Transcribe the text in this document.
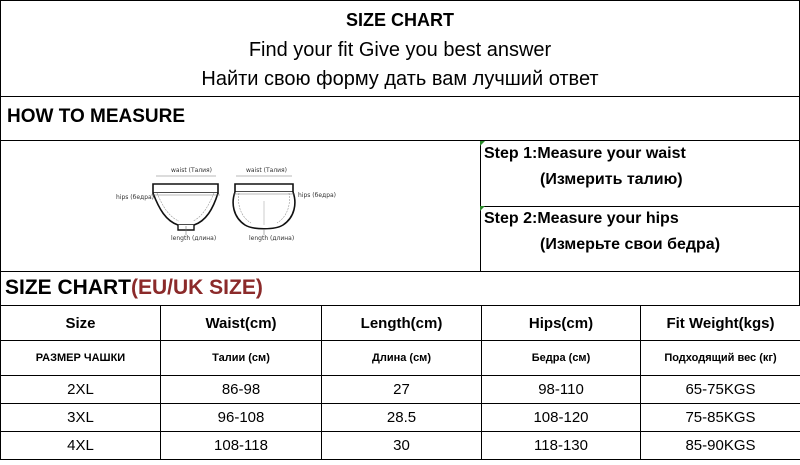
SIZE CHART
Find your fit Give you best answer
Найти свою форму дать вам лучший ответ
HOW TO MEASURE
waist (Талия)
hips (бедра)
length (длина)
waist (Талия)
hips (бедра)
length (длина)
Step 1:Measure your waist
(Измерить талию)
Step 2:Measure your hips
(Измерьте свои бедра)
SIZE CHART(EU/UK SIZE)
Size	Waist(cm)	Length(cm)	Hips(cm)	Fit Weight(kgs)
РАЗМЕР ЧАШКИ	Талии (см)	Длина (см)	Бедра (см)	Подходящий вес (кг)
2XL	86-98	27	98-110	65-75KGS
3XL	96-108	28.5	108-120	75-85KGS
4XL	108-118	30	118-130	85-90KGS
